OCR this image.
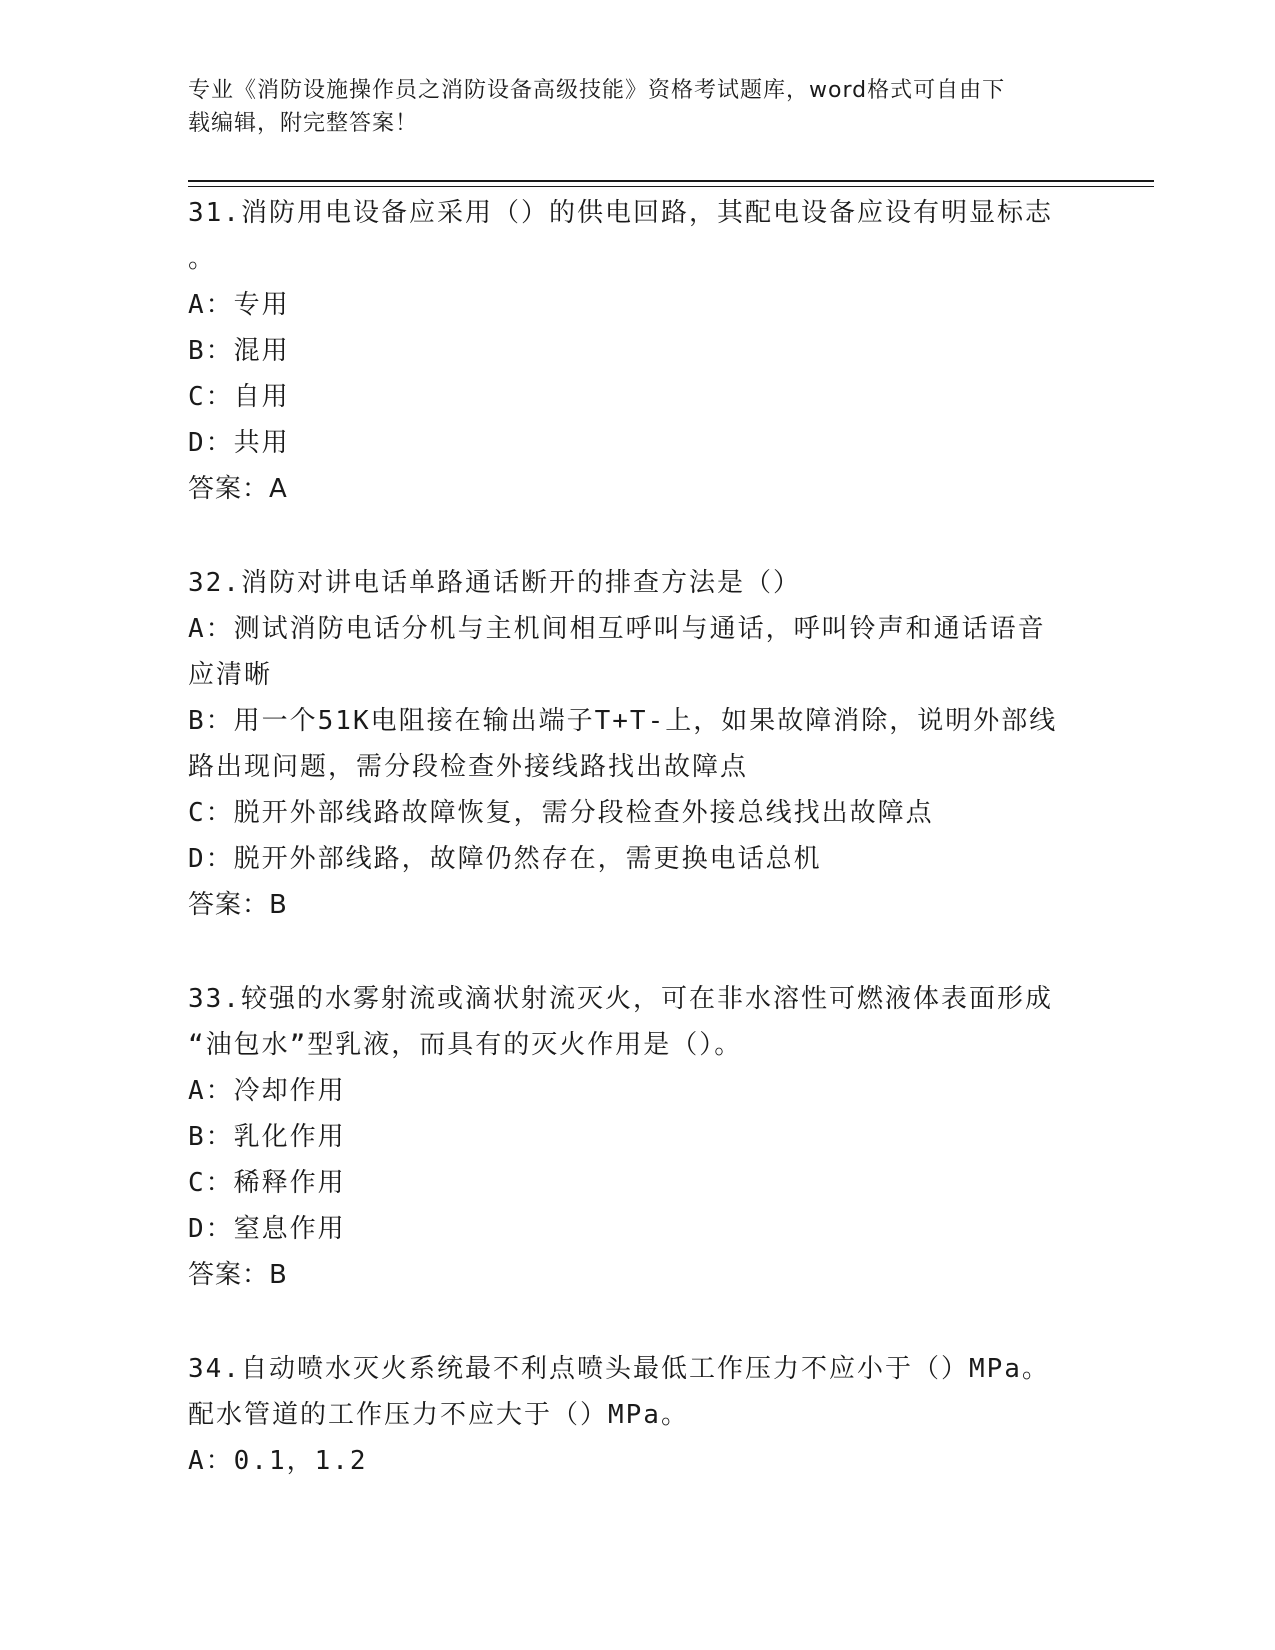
专业《消防设施操作员之消防设备高级技能》资格考试题库，word格式可自由下
载编辑，附完整答案！
31.消防用电设备应采用（）的供电回路，其配电设备应设有明显标志
。
A：专用
B：混用
C：自用
D：共用
答案：A
32.消防对讲电话单路通话断开的排查方法是（）
A：测试消防电话分机与主机间相互呼叫与通话，呼叫铃声和通话语音
应清晰
B：用一个51K电阻接在输出端子T+T-上，如果故障消除，说明外部线
路出现问题，需分段检查外接线路找出故障点
C：脱开外部线路故障恢复，需分段检查外接总线找出故障点
D：脱开外部线路，故障仍然存在，需更换电话总机
答案：B
33.较强的水雾射流或滴状射流灭火，可在非水溶性可燃液体表面形成
“油包水”型乳液，而具有的灭火作用是（）。
A：冷却作用
B：乳化作用
C：稀释作用
D：窒息作用
答案：B
34.自动喷水灭火系统最不利点喷头最低工作压力不应小于（）MPa。
配水管道的工作压力不应大于（）MPa。
A：0.1，1.2
